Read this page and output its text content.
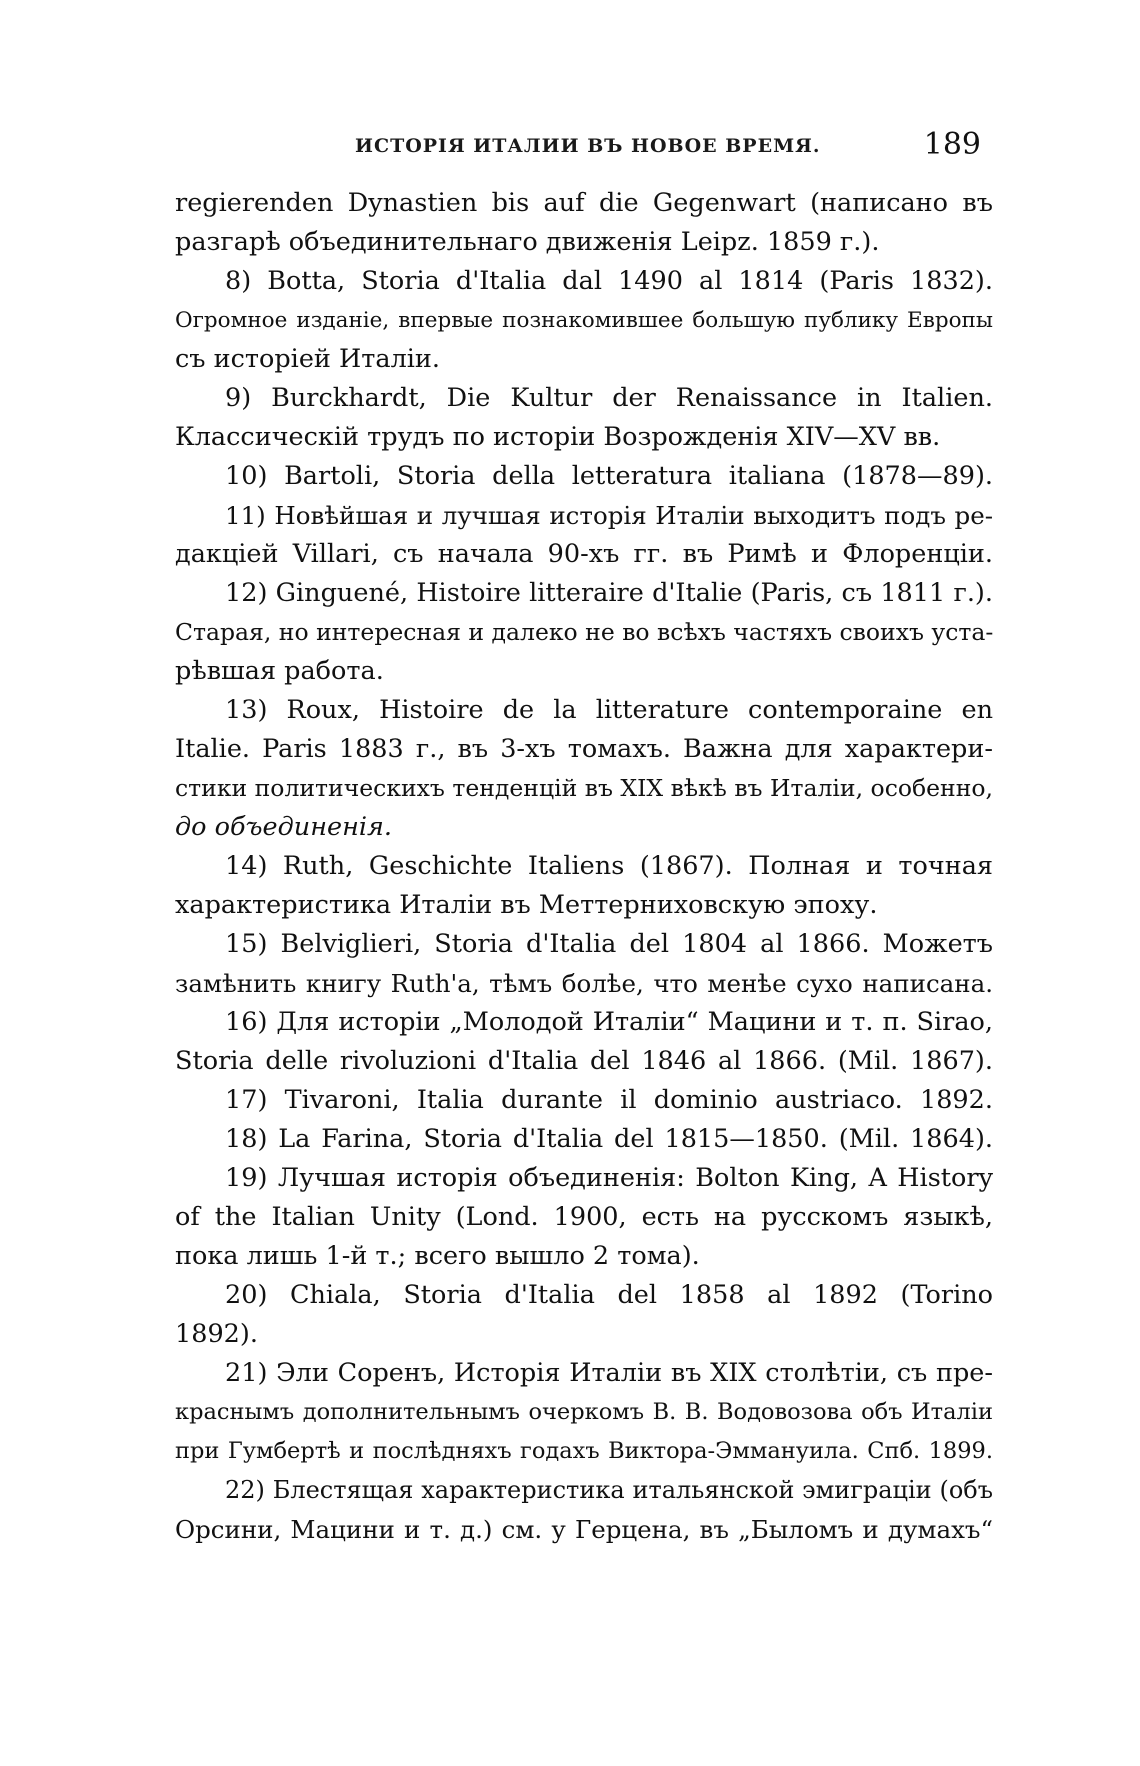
ИСТОРІЯ ИТАЛИИ ВЪ НОВОЕ ВРЕМЯ.	189
regierenden Dynastien bis auf die Gegenwart (написано въ
разгарѣ объединительнаго движенія Leipz. 1859 г.).
8) Botta, Storia d'Italia dal 1490 al 1814 (Paris 1832).
Огромное изданіе, впервые познакомившее большую публику Европы
съ исторіей Италіи.
9) Burckhardt, Die Kultur der Renaissance in Italien.
Классическій трудъ по исторіи Возрожденія XIV—XV вв.
10) Bartoli, Storia della letteratura italiana (1878—89).
11) Новѣйшая и лучшая исторія Италіи выходитъ подъ ре-
дакціей Villari, съ начала 90-хъ гг. въ Римѣ и Флоренціи.
12) Ginguené, Histoire litteraire d'Italie (Paris, съ 1811 г.).
Старая, но интересная и далеко не во всѣхъ частяхъ своихъ уста-
рѣвшая работа.
13) Roux, Histoire de la litterature contemporaine en
Italie. Paris 1883 г., въ 3-хъ томахъ. Важна для характери-
стики политическихъ тенденцій въ XIX вѣкѣ въ Италіи, особенно,
до объединенія.
14) Ruth, Geschichte Italiens (1867). Полная и точная
характеристика Италіи въ Меттерниховскую эпоху.
15) Belviglieri, Storia d'Italia del 1804 al 1866. Можетъ
замѣнить книгу Ruth'а, тѣмъ болѣе, что менѣе сухо написана.
16) Для исторіи „Молодой Италіи“ Мацини и т. п. Sirao,
Storia delle rivoluzioni d'Italia del 1846 al 1866. (Mil. 1867).
17) Tivaroni, Italia durante il dominio austriaco. 1892.
18) La Farina, Storia d'Italia del 1815—1850. (Mil. 1864).
19) Лучшая исторія объединенія: Bolton King, A History
of the Italian Unity (Lond. 1900, есть на русскомъ языкѣ,
пока лишь 1-й т.; всего вышло 2 тома).
20) Chiala, Storia d'Italia del 1858 al 1892 (Torino
1892).
21) Эли Соренъ, Исторія Италіи въ XIX столѣтіи, съ пре-
краснымъ дополнительнымъ очеркомъ В. В. Водовозова объ Италіи
при Гумбертѣ и послѣдняхъ годахъ Виктора-Эммануила. Спб. 1899.
22) Блестящая характеристика итальянской эмиграціи (объ
Орсини, Мацини и т. д.) см. у Герцена, въ „Быломъ и думахъ“
